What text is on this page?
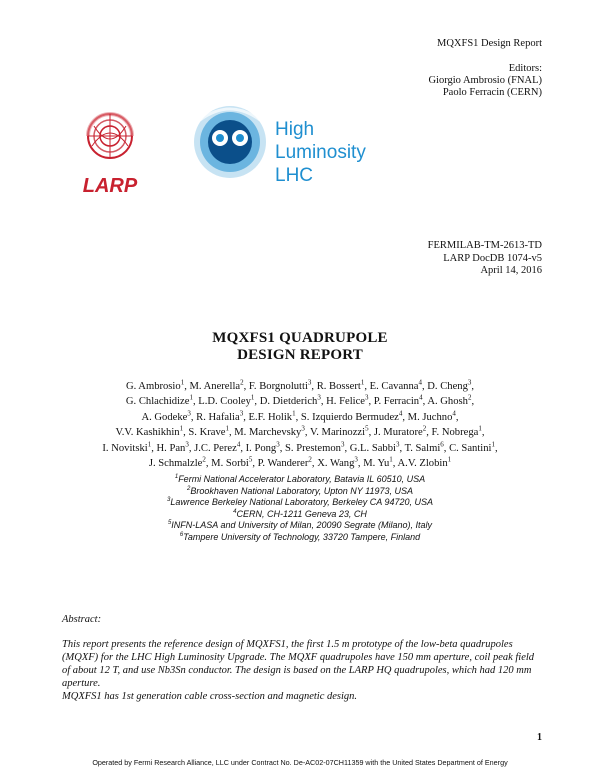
MQXFS1 Design Report
Editors:
Giorgio Ambrosio (FNAL)
Paolo Ferracin (CERN)
LARP
High
Luminosity
LHC
FERMILAB-TM-2613-TD
LARP DocDB 1074-v5
April 14, 2016
MQXFS1 QUADRUPOLE
DESIGN REPORT
G. Ambrosio$^1$, M. Anerella$^2$, F. Borgnolutti$^3$, R. Bossert$^1$, E. Cavanna$^4$, D. Cheng$^3$,
G. Chlachidize$^1$, L.D. Cooley$^1$, D. Dietderich$^3$, H. Felice$^3$, P. Ferracin$^4$, A. Ghosh$^2$,
A. Godeke$^3$, R. Hafalia$^3$, E.F. Holik$^1$, S. Izquierdo Bermudez$^4$, M. Juchno$^4$,
V.V. Kashikhin$^1$, S. Krave$^1$, M. Marchevsky$^3$, V. Marinozzi$^5$, J. Muratore$^2$, F. Nobrega$^1$,
I. Novitski$^1$, H. Pan$^3$, J.C. Perez$^4$, I. Pong$^3$, S. Prestemon$^3$, G.L. Sabbi$^3$, T. Salmi$^6$, C. Santini$^1$,
J. Schmalzle$^2$, M. Sorbi$^5$, P. Wanderer$^2$, X. Wang$^3$, M. Yu$^1$, A.V. Zlobin$^1$
$^1$Fermi National Accelerator Laboratory, Batavia IL 60510, USA
$^2$Brookhaven National Laboratory, Upton NY 11973, USA
$^3$Lawrence Berkeley National Laboratory, Berkeley CA 94720, USA
$^4$CERN, CH-1211 Geneva 23, CH
$^5$INFN-LASA and University of Milan, 20090 Segrate (Milano), Italy
$^6$Tampere University of Technology, 33720 Tampere, Finland
Abstract:

This report presents the reference design of MQXFS1, the first 1.5 m prototype of the low-beta quadrupoles (MQXF) for the LHC High Luminosity Upgrade. The MQXF quadrupoles have 150 mm aperture, coil peak field of about 12 T, and use Nb3Sn conductor. The design is based on the LARP HQ quadrupoles, which had 120 mm aperture.

MQXFS1 has 1st generation cable cross-section and magnetic design.

1
Operated by Fermi Research Alliance, LLC under Contract No. De-AC02-07CH11359 with the United States Department of Energy
